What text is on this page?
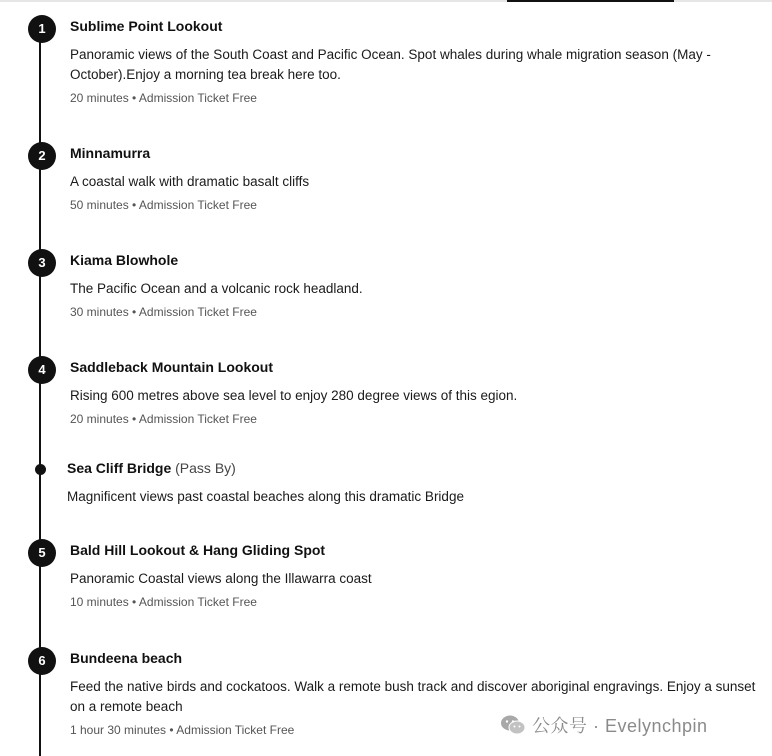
1	Sublime Point Lookout
Panoramic views of the South Coast and Pacific Ocean. Spot whales during whale migration season (May - October).Enjoy a morning tea break here too.
20 minutes • Admission Ticket Free
2	Minnamurra
A coastal walk with dramatic basalt cliffs
50 minutes • Admission Ticket Free
3	Kiama Blowhole
The Pacific Ocean and a volcanic rock headland.
30 minutes • Admission Ticket Free
4	Saddleback Mountain Lookout
Rising 600 metres above sea level to enjoy 280 degree views of this egion.
20 minutes • Admission Ticket Free
Sea Cliff Bridge (Pass By)
Magnificent views past coastal beaches along this dramatic Bridge
5	Bald Hill Lookout & Hang Gliding Spot
Panoramic Coastal views along the Illawarra coast
10 minutes • Admission Ticket Free
6	Bundeena beach
Feed the native birds and cockatoos. Walk a remote bush track and discover aboriginal engravings. Enjoy a sunset on a remote beach
1 hour 30 minutes • Admission Ticket Free	公众号 · Evelynchpin
